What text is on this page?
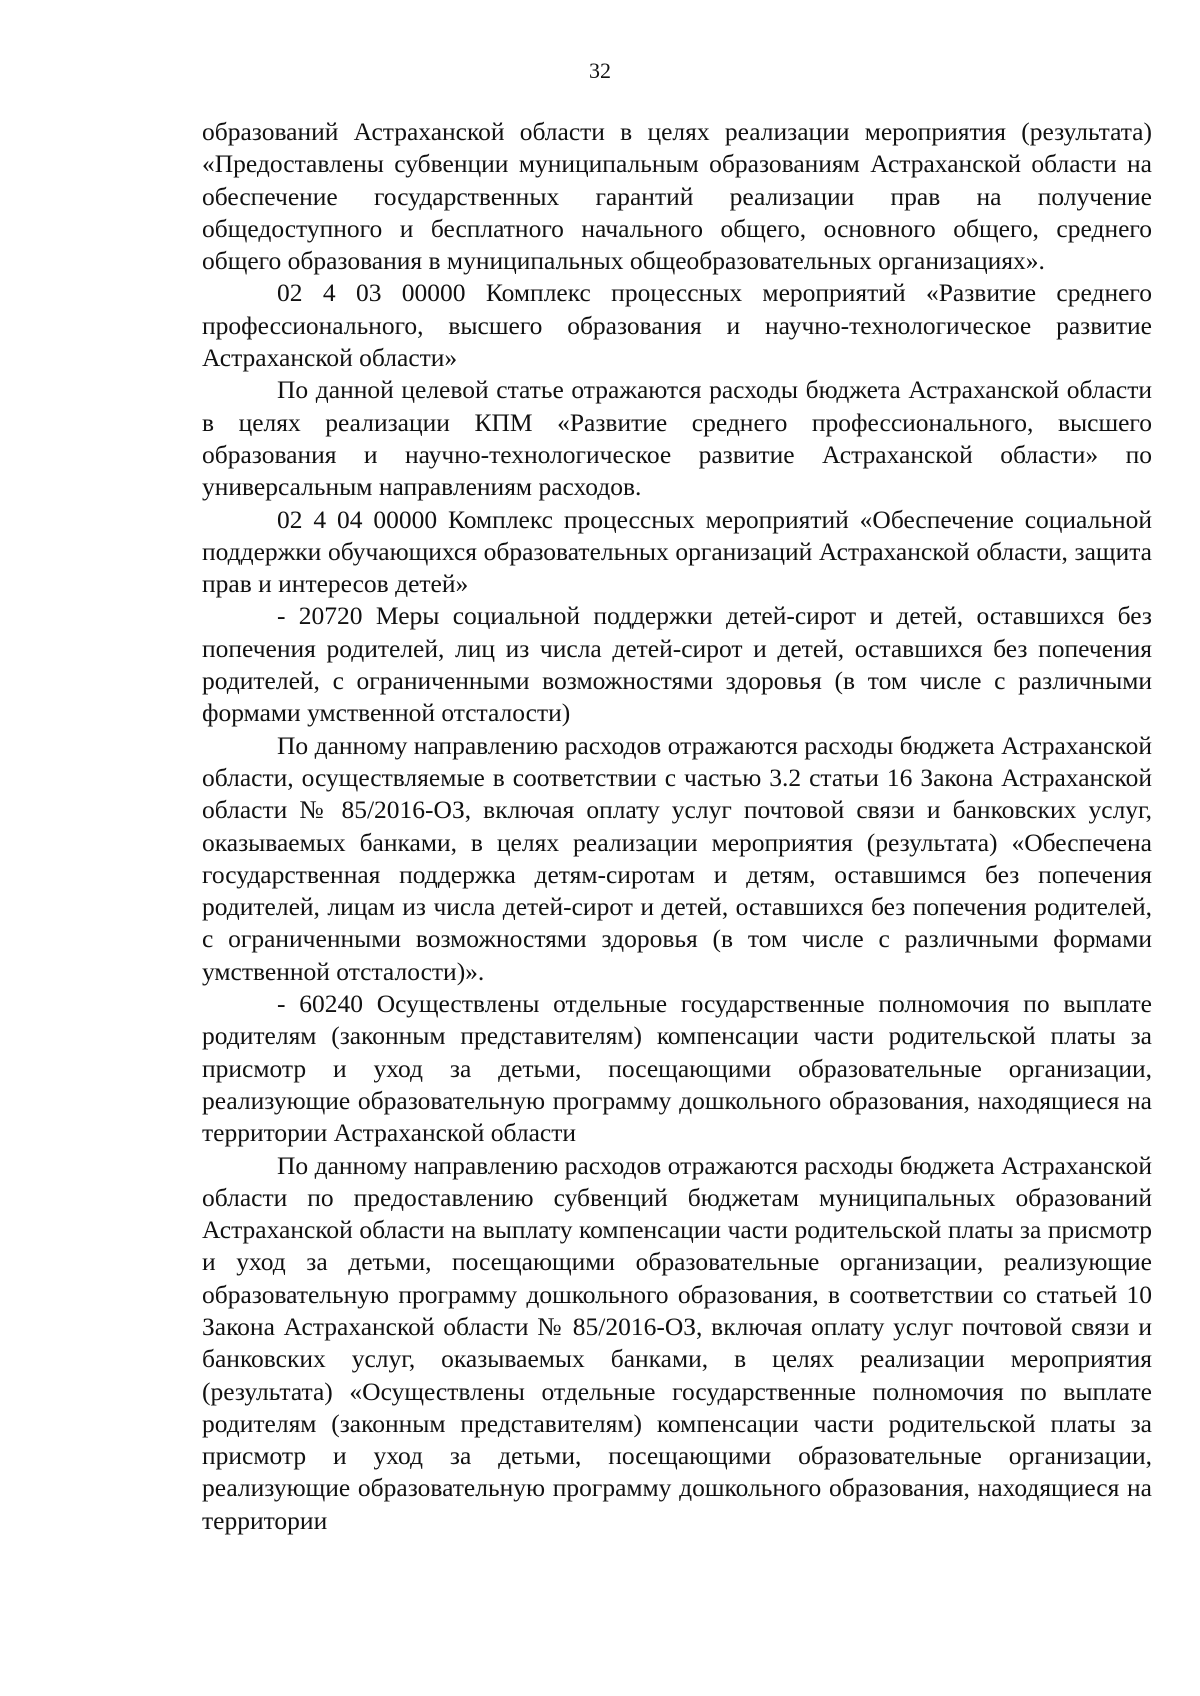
32

образований Астраханской области в целях реализации мероприятия (результата) «Предоставлены субвенции муниципальным образованиям Астраханской области на обеспечение государственных гарантий реализации прав на получение общедоступного и бесплатного начального общего, основного общего, среднего общего образования в муниципальных общеобразовательных организациях».

02 4 03 00000 Комплекс процессных мероприятий «Развитие среднего профессионального, высшего образования и научно-технологическое развитие Астраханской области»

По данной целевой статье отражаются расходы бюджета Астраханской области в целях реализации КПМ «Развитие среднего профессионального, высшего образования и научно-технологическое развитие Астраханской области» по универсальным направлениям расходов.

02 4 04 00000 Комплекс процессных мероприятий «Обеспечение социальной поддержки обучающихся образовательных организаций Астраханской области, защита прав и интересов детей»

- 20720 Меры социальной поддержки детей-сирот и детей, оставшихся без попечения родителей, лиц из числа детей-сирот и детей, оставшихся без попечения родителей, с ограниченными возможностями здоровья (в том числе с различными формами умственной отсталости)

По данному направлению расходов отражаются расходы бюджета Астраханской области, осуществляемые в соответствии с частью 3.2 статьи 16 Закона Астраханской области № 85/2016-ОЗ, включая оплату услуг почтовой связи и банковских услуг, оказываемых банками, в целях реализации мероприятия (результата) «Обеспечена государственная поддержка детям-сиротам и детям, оставшимся без попечения родителей, лицам из числа детей-сирот и детей, оставшихся без попечения родителей, с ограниченными возможностями здоровья (в том числе с различными формами умственной отсталости)».

- 60240 Осуществлены отдельные государственные полномочия по выплате родителям (законным представителям) компенсации части родительской платы за присмотр и уход за детьми, посещающими образовательные организации, реализующие образовательную программу дошкольного образования, находящиеся на территории Астраханской области

По данному направлению расходов отражаются расходы бюджета Астраханской области по предоставлению субвенций бюджетам муниципальных образований Астраханской области на выплату компенсации части родительской платы за присмотр и уход за детьми, посещающими образовательные организации, реализующие образовательную программу дошкольного образования, в соответствии со статьей 10 Закона Астраханской области № 85/2016-ОЗ, включая оплату услуг почтовой связи и банковских услуг, оказываемых банками, в целях реализации мероприятия (результата) «Осуществлены отдельные государственные полномочия по выплате родителям (законным представителям) компенсации части родительской платы за присмотр и уход за детьми, посещающими образовательные организации, реализующие образовательную программу дошкольного образования, находящиеся на территории
